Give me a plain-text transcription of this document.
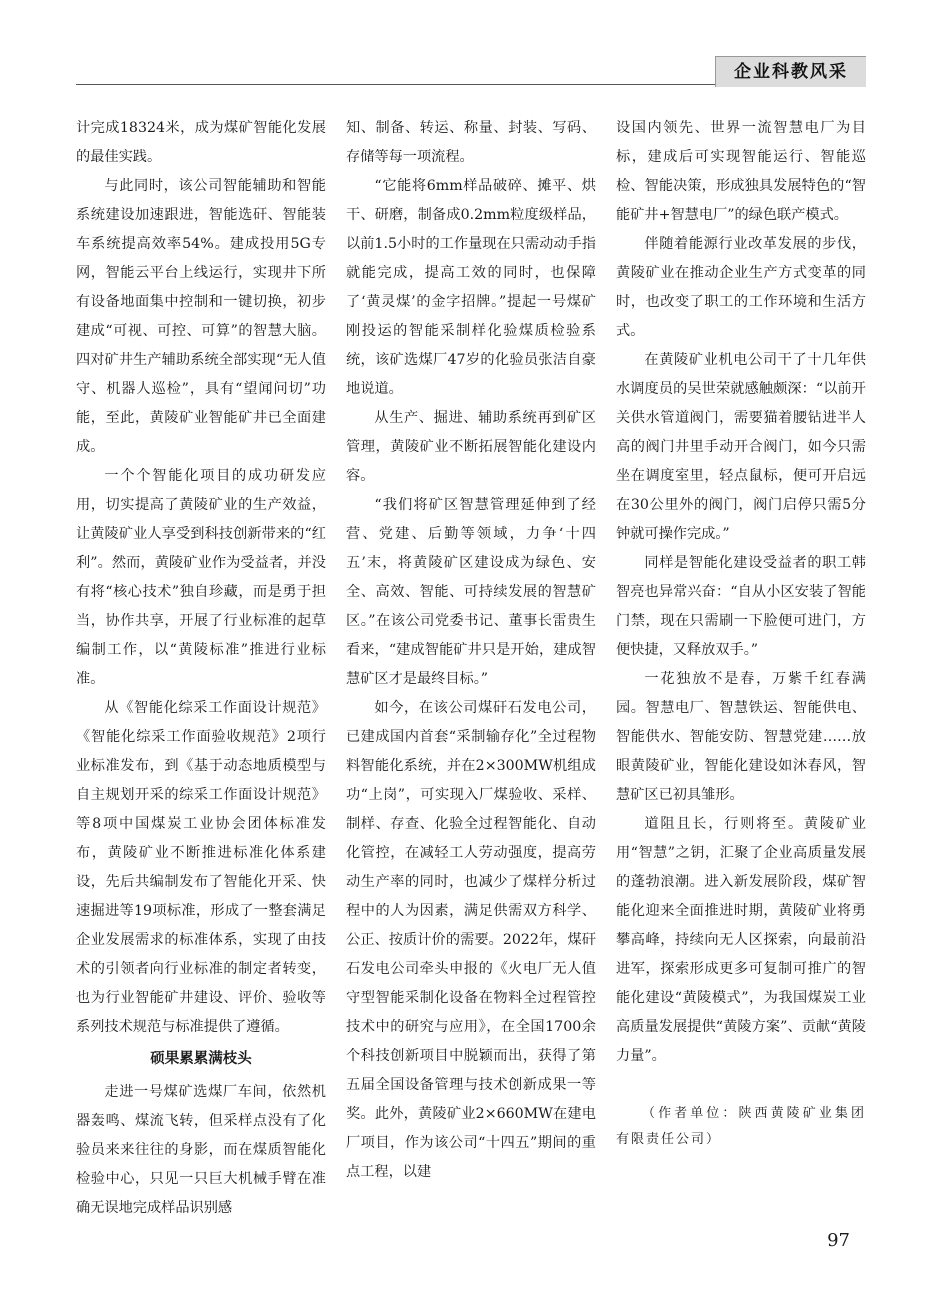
企业科教风采

计完成18324米，成为煤矿智能化发展的最佳实践。

与此同时，该公司智能辅助和智能系统建设加速跟进，智能选矸、智能装车系统提高效率54%。建成投用5G专网，智能云平台上线运行，实现井下所有设备地面集中控制和一键切换，初步建成“可视、可控、可算”的智慧大脑。四对矿井生产辅助系统全部实现“无人值守、机器人巡检”，具有“望闻问切”功能，至此，黄陵矿业智能矿井已全面建成。

一个个智能化项目的成功研发应用，切实提高了黄陵矿业的生产效益，让黄陵矿业人享受到科技创新带来的“红利”。然而，黄陵矿业作为受益者，并没有将“核心技术”独自珍藏，而是勇于担当，协作共享，开展了行业标准的起草编制工作，以“黄陵标准”推进行业标准。

从《智能化综采工作面设计规范》《智能化综采工作面验收规范》2项行业标准发布，到《基于动态地质模型与自主规划开采的综采工作面设计规范》等8项中国煤炭工业协会团体标准发布，黄陵矿业不断推进标准化体系建设，先后共编制发布了智能化开采、快速掘进等19项标准，形成了一整套满足企业发展需求的标准体系，实现了由技术的引领者向行业标准的制定者转变，也为行业智能矿井建设、评价、验收等系列技术规范与标准提供了遵循。

硕果累累满枝头

走进一号煤矿选煤厂车间，依然机器轰鸣、煤流飞转，但采样点没有了化验员来来往往的身影，而在煤质智能化检验中心，只见一只巨大机械手臂在准确无误地完成样品识别感

知、制备、转运、称量、封装、写码、存储等每一项流程。

“它能将6mm样品破碎、摊平、烘干、研磨，制备成0.2mm粒度级样品，以前1.5小时的工作量现在只需动动手指就能完成，提高工效的同时，也保障了‘黄灵煤’的金字招牌。”提起一号煤矿刚投运的智能采制样化验煤质检验系统，该矿选煤厂47岁的化验员张洁自豪地说道。

从生产、掘进、辅助系统再到矿区管理，黄陵矿业不断拓展智能化建设内容。

“我们将矿区智慧管理延伸到了经营、党建、后勤等领域，力争‘十四五’末，将黄陵矿区建设成为绿色、安全、高效、智能、可持续发展的智慧矿区。”在该公司党委书记、董事长雷贵生看来，“建成智能矿井只是开始，建成智慧矿区才是最终目标。”

如今，在该公司煤矸石发电公司，已建成国内首套“采制输存化”全过程物料智能化系统，并在2×300MW机组成功“上岗”，可实现入厂煤验收、采样、制样、存查、化验全过程智能化、自动化管控，在减轻工人劳动强度，提高劳动生产率的同时，也减少了煤样分析过程中的人为因素，满足供需双方科学、公正、按质计价的需要。2022年，煤矸石发电公司牵头申报的《火电厂无人值守型智能采制化设备在物料全过程管控技术中的研究与应用》，在全国1700余个科技创新项目中脱颖而出，获得了第五届全国设备管理与技术创新成果一等奖。此外，黄陵矿业2×660MW在建电厂项目，作为该公司“十四五”期间的重点工程，以建

设国内领先、世界一流智慧电厂为目标，建成后可实现智能运行、智能巡检、智能决策，形成独具发展特色的“智能矿井+智慧电厂”的绿色联产模式。

伴随着能源行业改革发展的步伐，黄陵矿业在推动企业生产方式变革的同时，也改变了职工的工作环境和生活方式。

在黄陵矿业机电公司干了十几年供水调度员的吴世荣就感触颇深：“以前开关供水管道阀门，需要猫着腰钻进半人高的阀门井里手动开合阀门，如今只需坐在调度室里，轻点鼠标，便可开启远在30公里外的阀门，阀门启停只需5分钟就可操作完成。”

同样是智能化建设受益者的职工韩智亮也异常兴奋：“自从小区安装了智能门禁，现在只需刷一下脸便可进门，方便快捷，又释放双手。”

一花独放不是春，万紫千红春满园。智慧电厂、智慧铁运、智能供电、智能供水、智能安防、智慧党建……放眼黄陵矿业，智能化建设如沐春风，智慧矿区已初具雏形。

道阻且长，行则将至。黄陵矿业用“智慧”之钥，汇聚了企业高质量发展的蓬勃浪潮。进入新发展阶段，煤矿智能化迎来全面推进时期，黄陵矿业将勇攀高峰，持续向无人区探索，向最前沿进军，探索形成更多可复制可推广的智能化建设“黄陵模式”，为我国煤炭工业高质量发展提供“黄陵方案”、贡献“黄陵力量”。

（作者单位：陕西黄陵矿业集团有限责任公司）
97
